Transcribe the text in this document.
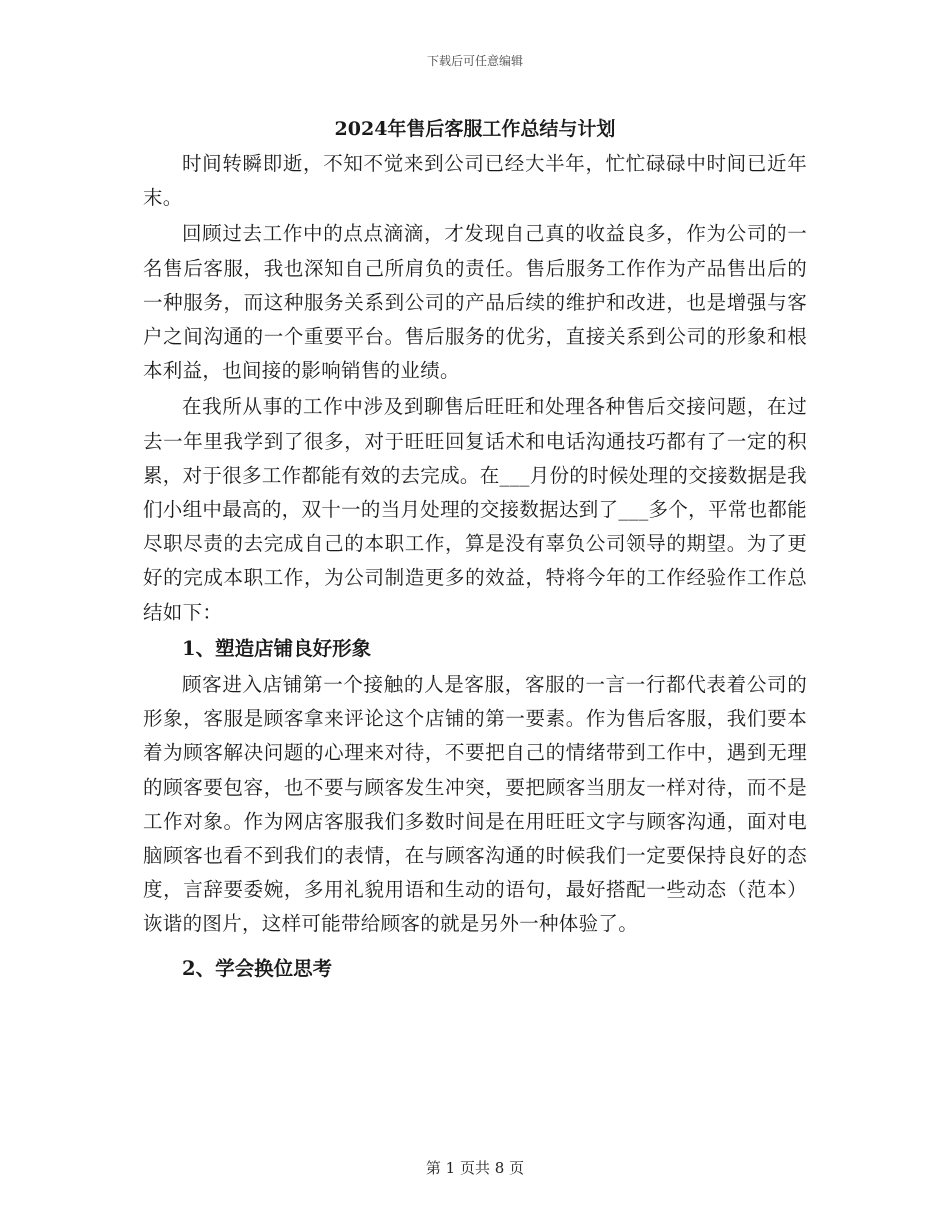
下载后可任意编辑
2024年售后客服工作总结与计划

时间转瞬即逝，不知不觉来到公司已经大半年，忙忙碌碌中时间已近年末。

回顾过去工作中的点点滴滴，才发现自己真的收益良多，作为公司的一名售后客服，我也深知自己所肩负的责任。售后服务工作作为产品售出后的一种服务，而这种服务关系到公司的产品后续的维护和改进，也是增强与客户之间沟通的一个重要平台。售后服务的优劣，直接关系到公司的形象和根本利益，也间接的影响销售的业绩。

在我所从事的工作中涉及到聊售后旺旺和处理各种售后交接问题，在过去一年里我学到了很多，对于旺旺回复话术和电话沟通技巧都有了一定的积累，对于很多工作都能有效的去完成。在___月份的时候处理的交接数据是我们小组中最高的，双十一的当月处理的交接数据达到了___多个，平常也都能尽职尽责的去完成自己的本职工作，算是没有辜负公司领导的期望。为了更好的完成本职工作，为公司制造更多的效益，特将今年的工作经验作工作总结如下：

1、塑造店铺良好形象

顾客进入店铺第一个接触的人是客服，客服的一言一行都代表着公司的形象，客服是顾客拿来评论这个店铺的第一要素。作为售后客服，我们要本着为顾客解决问题的心理来对待，不要把自己的情绪带到工作中，遇到无理的顾客要包容，也不要与顾客发生冲突，要把顾客当朋友一样对待，而不是工作对象。作为网店客服我们多数时间是在用旺旺文字与顾客沟通，面对电脑顾客也看不到我们的表情，在与顾客沟通的时候我们一定要保持良好的态度，言辞要委婉，多用礼貌用语和生动的语句，最好搭配一些动态（范本）诙谐的图片，这样可能带给顾客的就是另外一种体验了。

2、学会换位思考
第 1 页共 8 页
